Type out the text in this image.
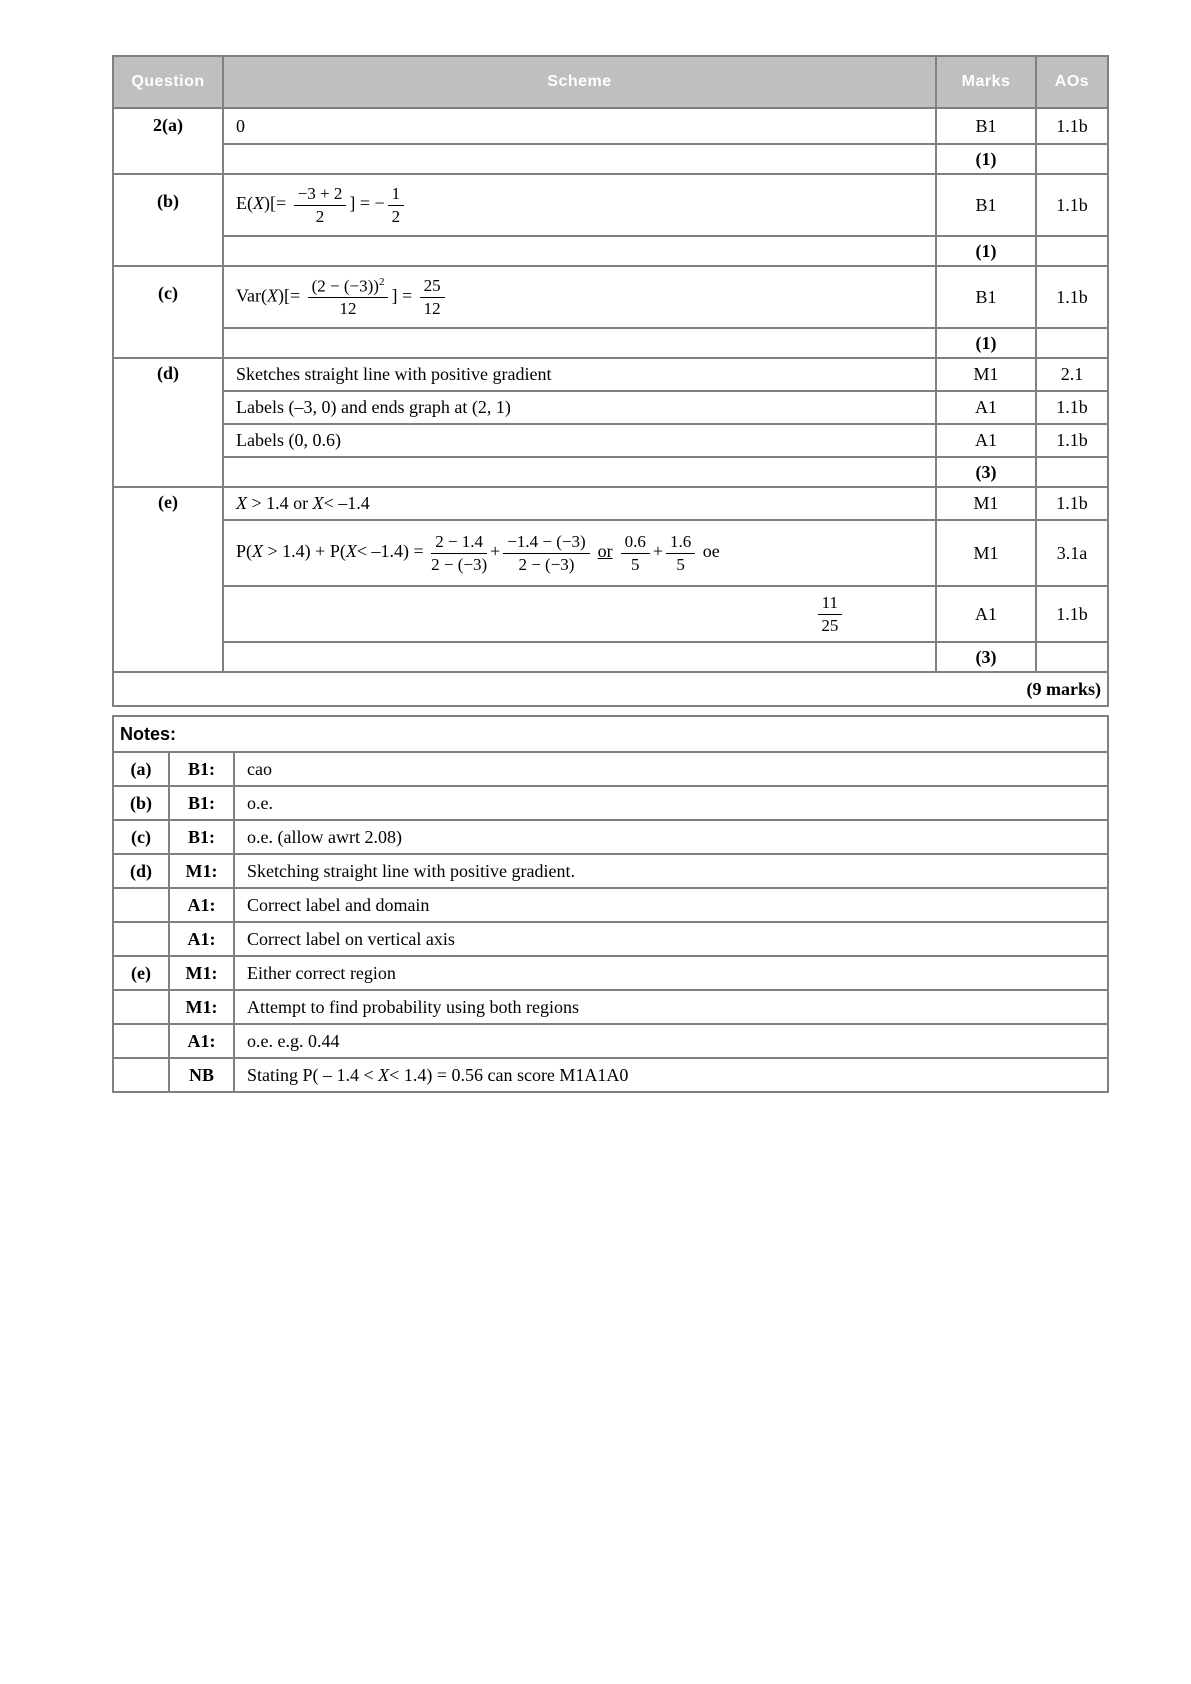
Question	Scheme	Marks	AOs
2(a)	0	B1	1.1b
		(1)	
(b)	$E(X)[= \frac{-3 + 2}{2}$ ] = − $\frac{1}{2}$	B1	1.1b
		(1)	
(c)	$Var(X)[= \frac{(2 - (-3))^2}{12}$ ] = $\frac{25}{12}$	B1	1.1b
		(1)	
(d)	Sketches straight line with positive gradient	M1	2.1
	Labels (–3, 0) and ends graph at (2, 1)	A1	1.1b
	Labels (0, 0.6)	A1	1.1b
		(3)	
(e)	X > 1.4 or X< –1.4	M1	1.1b
$P(X > 1.4) + P(X< -1.4) = \frac{2 - 1.4}{2 - (-3)} + \frac{-1.4 - (-3)}{2 - (-3)}$ or $\frac{0.6}{5} + \frac{1.6}{5}$ oe	M1	3.1a

	$\frac{11}{25}$	A1	1.1b
		(3)	
(9 marks)			
Notes:		
(a)	B1:	cao
(b)	B1:	o.e.
(c)	B1:	o.e. (allow awrt 2.08)
(d)	M1:	Sketching straight line with positive gradient.
	A1:	Correct label and domain
	A1:	Correct label on vertical axis
(e)	M1:	Either correct region
	M1:	Attempt to find probability using both regions
	A1:	o.e. e.g. 0.44
	NB	Stating P( – 1.4 < X< 1.4) = 0.56 can score M1A1A0
